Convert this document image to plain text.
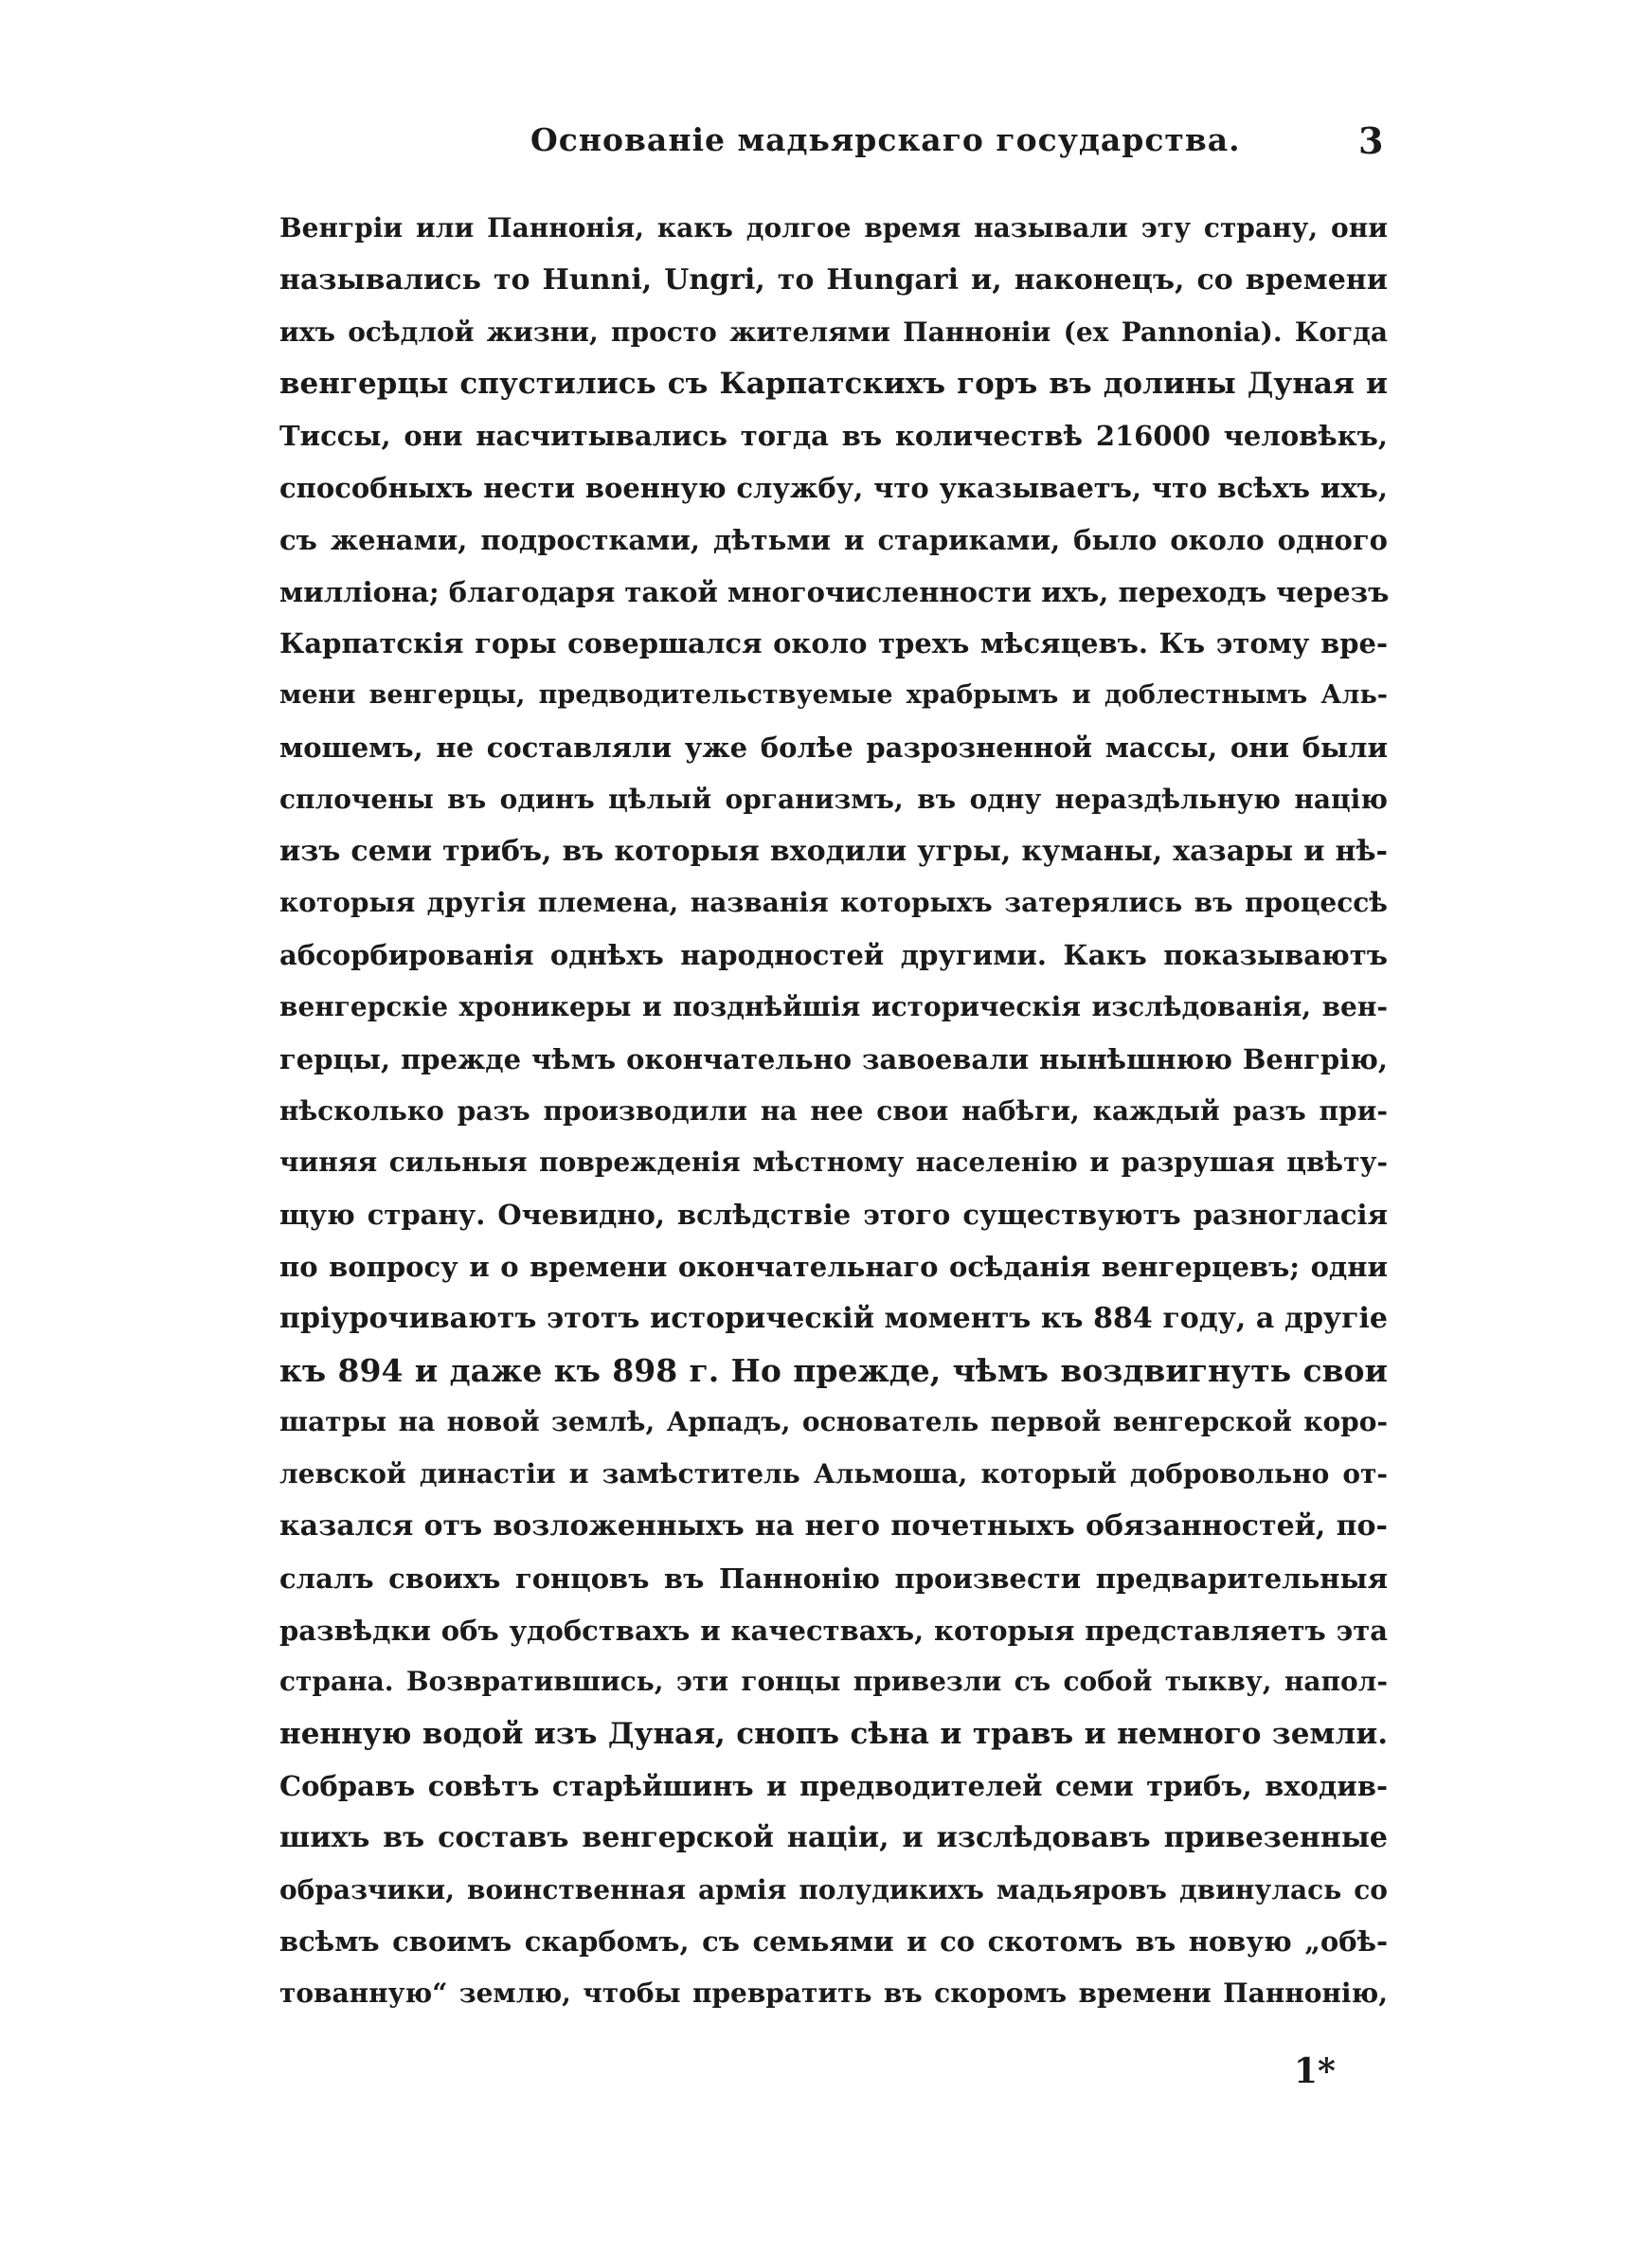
Основаніе мадьярскаго государства.	3
Венгріи или Паннонія, какъ долгое время называли эту страну, они
назывались то Hunni, Ungri, то Hungari и, наконецъ, со времени
ихъ осѣдлой жизни, просто жителями Панноніи (ех Pannonia). Когда
венгерцы спустились съ Карпатскихъ горъ въ долины Дуная и
Тиссы, они насчитывались тогда въ количествѣ 216000 человѣкъ,
способныхъ нести военную службу, что указываетъ, что всѣхъ ихъ,
съ женами, подростками, дѣтьми и стариками, было около одного
милліона; благодаря такой многочисленности ихъ, переходъ черезъ
Карпатскія горы совершался около трехъ мѣсяцевъ. Къ этому вре-
мени венгерцы, предводительствуемые храбрымъ и доблестнымъ Аль-
мошемъ, не составляли уже болѣе разрозненной массы, они были
сплочены въ одинъ цѣлый организмъ, въ одну нераздѣльную націю
изъ семи трибъ, въ которыя входили угры, куманы, хазары и нѣ-
которыя другія племена, названія которыхъ затерялись въ процессѣ
абсорбированія однѣхъ народностей другими. Какъ показываютъ
венгерскіе хроникеры и позднѣйшія историческія изслѣдованія, вен-
герцы, прежде чѣмъ окончательно завоевали нынѣшнюю Венгрію,
нѣсколько разъ производили на нее свои набѣги, каждый разъ при-
чиняя сильныя поврежденія мѣстному населенію и разрушая цвѣту-
щую страну. Очевидно, вслѣдствіе этого существуютъ разногласія
по вопросу и о времени окончательнаго осѣданія венгерцевъ; одни
пріурочиваютъ этотъ историческій моментъ къ 884 году, а другіе
къ 894 и даже къ 898 г. Но прежде, чѣмъ воздвигнуть свои
шатры на новой землѣ, Арпадъ, основатель первой венгерской коро-
левской династіи и замѣститель Альмоша, который добровольно от-
казался отъ возложенныхъ на него почетныхъ обязанностей, по-
слалъ своихъ гонцовъ въ Паннонію произвести предварительныя
развѣдки объ удобствахъ и качествахъ, которыя представляетъ эта
страна. Возвратившись, эти гонцы привезли съ собой тыкву, напол-
ненную водой изъ Дуная, снопъ сѣна и травъ и немного земли.
Собравъ совѣтъ старѣйшинъ и предводителей семи трибъ, входив-
шихъ въ составъ венгерской націи, и изслѣдовавъ привезенные
образчики, воинственная армія полудикихъ мадьяровъ двинулась со
всѣмъ своимъ скарбомъ, съ семьями и со скотомъ въ новую „обѣ-
тованную“ землю, чтобы превратить въ скоромъ времени Паннонію,
1*
